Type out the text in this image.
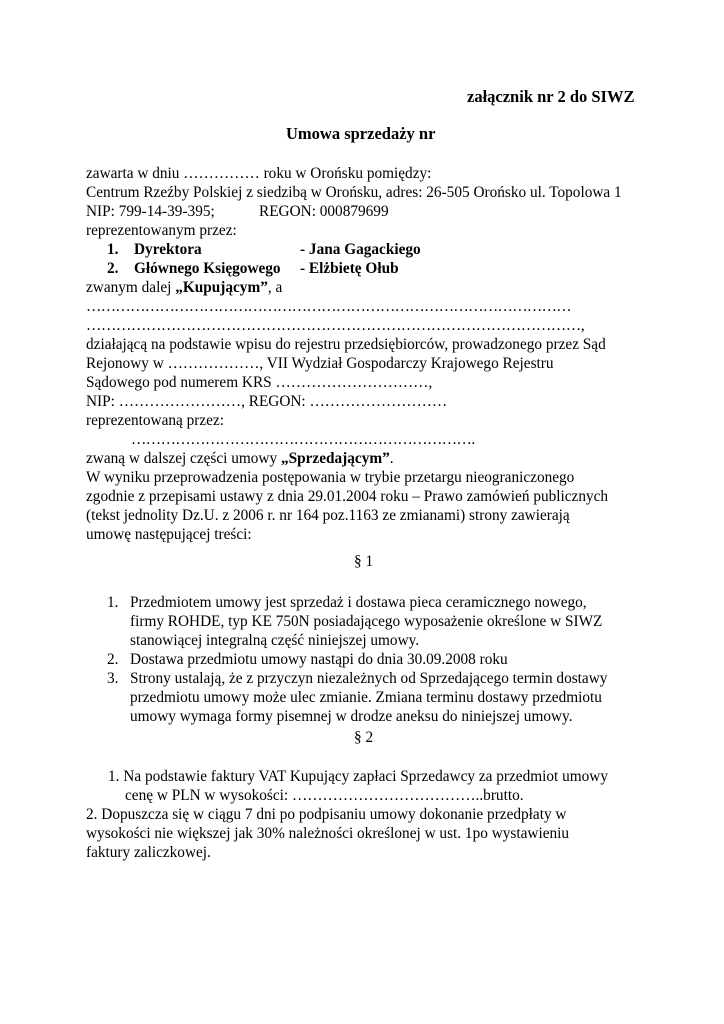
załącznik nr 2 do SIWZ
Umowa sprzedaży nr
zawarta w dniu …………… roku w Orońsku pomiędzy:
Centrum Rzeźby Polskiej z siedzibą w Orońsku, adres: 26-505 Orońsko ul. Topolowa 1
NIP: 799-14-39-395;	REGON: 000879699
reprezentowanym przez:
1. Dyrektora	- Jana Gagackiego
2. Głównego Księgowego - Elżbietę Ołub
zwanym dalej „Kupującym”, a
………………………………………………………………………………………
………………………………………………………………………………………,
działającą na podstawie wpisu do rejestru przedsiębiorców, prowadzonego przez Sąd
Rejonowy w ………………, VII Wydział Gospodarczy Krajowego Rejestru
Sądowego pod numerem KRS …………………………,
NIP: ……………………, REGON: ………………………
reprezentowaną przez:
…………………………………………………………….
zwaną w dalszej części umowy „Sprzedającym”.
W wyniku przeprowadzenia postępowania w trybie przetargu nieograniczonego
zgodnie z przepisami ustawy z dnia 29.01.2004 roku – Prawo zamówień publicznych
(tekst jednolity Dz.U. z 2006 r. nr 164 poz.1163 ze zmianami) strony zawierają
umowę następującej treści:
§ 1
1. Przedmiotem umowy jest sprzedaż i dostawa pieca ceramicznego nowego,
firmy ROHDE, typ KE 750N posiadającego wyposażenie określone w SIWZ
stanowiącej integralną część niniejszej umowy.
2. Dostawa przedmiotu umowy nastąpi do dnia 30.09.2008 roku
3. Strony ustalają, że z przyczyn niezależnych od Sprzedającego termin dostawy
przedmiotu umowy może ulec zmianie. Zmiana terminu dostawy przedmiotu
umowy wymaga formy pisemnej w drodze aneksu do niniejszej umowy.
§ 2
1. Na podstawie faktury VAT Kupujący zapłaci Sprzedawcy za przedmiot umowy
cenę w PLN w wysokości: ………………………………..brutto.
2. Dopuszcza się w ciągu 7 dni po podpisaniu umowy dokonanie przedpłaty w
wysokości nie większej jak 30% należności określonej w ust. 1po wystawieniu
faktury zaliczkowej.
